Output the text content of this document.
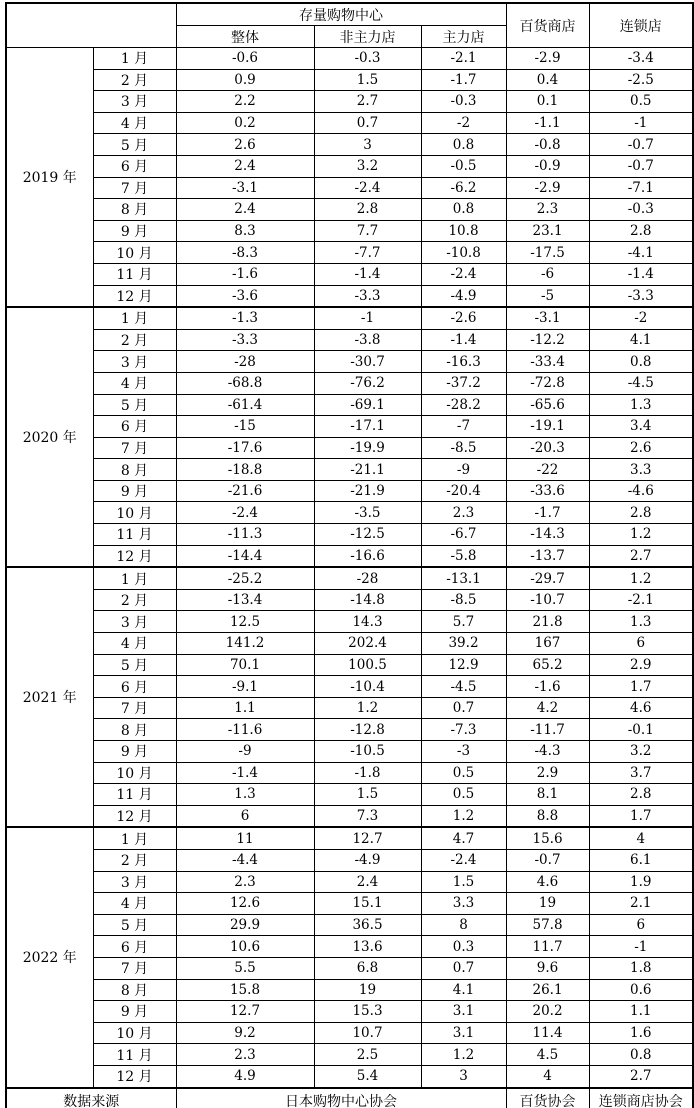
		存量购物中心			百货商店	连锁店
		整体	非主力店	主力店		
2019 年	1 月	-0.6	-0.3	-2.1	-2.9	-3.4
	2 月	0.9	1.5	-1.7	0.4	-2.5
	3 月	2.2	2.7	-0.3	0.1	0.5
	4 月	0.2	0.7	-2	-1.1	-1
	5 月	2.6	3	0.8	-0.8	-0.7
	6 月	2.4	3.2	-0.5	-0.9	-0.7
	7 月	-3.1	-2.4	-6.2	-2.9	-7.1
	8 月	2.4	2.8	0.8	2.3	-0.3
	9 月	8.3	7.7	10.8	23.1	2.8
	10 月	-8.3	-7.7	-10.8	-17.5	-4.1
	11 月	-1.6	-1.4	-2.4	-6	-1.4
	12 月	-3.6	-3.3	-4.9	-5	-3.3
2020 年	1 月	-1.3	-1	-2.6	-3.1	-2
	2 月	-3.3	-3.8	-1.4	-12.2	4.1
	3 月	-28	-30.7	-16.3	-33.4	0.8
	4 月	-68.8	-76.2	-37.2	-72.8	-4.5
	5 月	-61.4	-69.1	-28.2	-65.6	1.3
	6 月	-15	-17.1	-7	-19.1	3.4
	7 月	-17.6	-19.9	-8.5	-20.3	2.6
	8 月	-18.8	-21.1	-9	-22	3.3
	9 月	-21.6	-21.9	-20.4	-33.6	-4.6
	10 月	-2.4	-3.5	2.3	-1.7	2.8
	11 月	-11.3	-12.5	-6.7	-14.3	1.2
	12 月	-14.4	-16.6	-5.8	-13.7	2.7
2021 年	1 月	-25.2	-28	-13.1	-29.7	1.2
	2 月	-13.4	-14.8	-8.5	-10.7	-2.1
	3 月	12.5	14.3	5.7	21.8	1.3
	4 月	141.2	202.4	39.2	167	6
	5 月	70.1	100.5	12.9	65.2	2.9
	6 月	-9.1	-10.4	-4.5	-1.6	1.7
	7 月	1.1	1.2	0.7	4.2	4.6
	8 月	-11.6	-12.8	-7.3	-11.7	-0.1
	9 月	-9	-10.5	-3	-4.3	3.2
	10 月	-1.4	-1.8	0.5	2.9	3.7
	11 月	1.3	1.5	0.5	8.1	2.8
	12 月	6	7.3	1.2	8.8	1.7
2022 年	1 月	11	12.7	4.7	15.6	4
	2 月	-4.4	-4.9	-2.4	-0.7	6.1
	3 月	2.3	2.4	1.5	4.6	1.9
	4 月	12.6	15.1	3.3	19	2.1
	5 月	29.9	36.5	8	57.8	6
	6 月	10.6	13.6	0.3	11.7	-1
	7 月	5.5	6.8	0.7	9.6	1.8
	8 月	15.8	19	4.1	26.1	0.6
	9 月	12.7	15.3	3.1	20.2	1.1
	10 月	9.2	10.7	3.1	11.4	1.6
	11 月	2.3	2.5	1.2	4.5	0.8
	12 月	4.9	5.4	3	4	2.7
数据来源		日本购物中心协会			百货协会	连锁商店协会
